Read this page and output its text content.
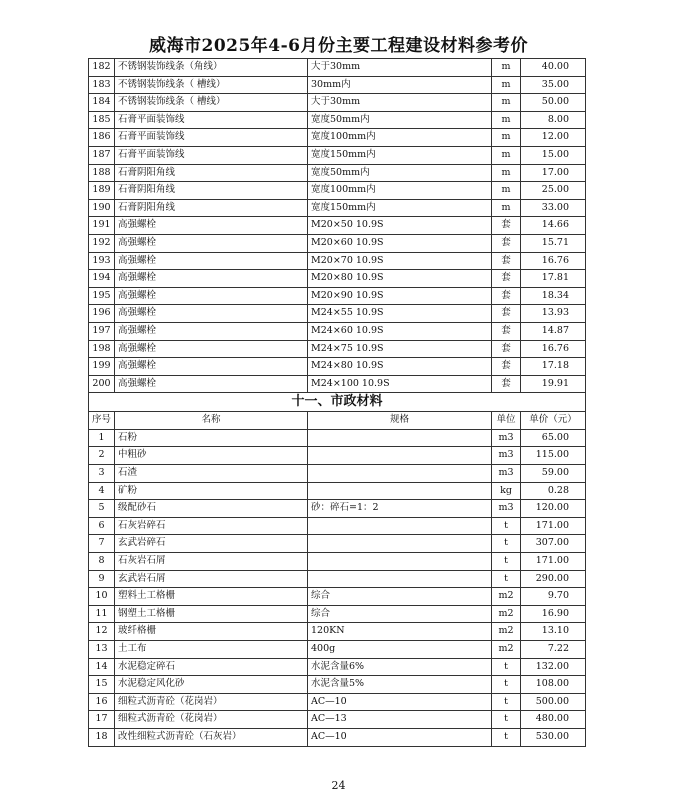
威海市2025年4-6月份主要工程建设材料参考价
182	不锈钢装饰线条（角线）	大于30mm	m	40.00
183	不锈钢装饰线条（ 槽线）	30mm内	m	35.00
184	不锈钢装饰线条（ 槽线）	大于30mm	m	50.00
185	石膏平面装饰线	宽度50mm内	m	8.00
186	石膏平面装饰线	宽度100mm内	m	12.00
187	石膏平面装饰线	宽度150mm内	m	15.00
188	石膏阴阳角线	宽度50mm内	m	17.00
189	石膏阴阳角线	宽度100mm内	m	25.00
190	石膏阴阳角线	宽度150mm内	m	33.00
191	高强螺栓	M20×50 10.9S	套	14.66
192	高强螺栓	M20×60 10.9S	套	15.71
193	高强螺栓	M20×70 10.9S	套	16.76
194	高强螺栓	M20×80 10.9S	套	17.81
195	高强螺栓	M20×90 10.9S	套	18.34
196	高强螺栓	M24×55 10.9S	套	13.93
197	高强螺栓	M24×60 10.9S	套	14.87
198	高强螺栓	M24×75 10.9S	套	16.76
199	高强螺栓	M24×80 10.9S	套	17.18
200	高强螺栓	M24×100 10.9S	套	19.91
十一、市政材料				
序号	名称	规格	单位	单价（元）
1	石粉		m3	65.00
2	中粗砂		m3	115.00
3	石渣		m3	59.00
4	矿粉		kg	0.28
5	级配砂石	砂：碎石=1：2	m3	120.00
6	石灰岩碎石		t	171.00
7	玄武岩碎石		t	307.00
8	石灰岩石屑		t	171.00
9	玄武岩石屑		t	290.00
10	塑料土工格栅	综合	m2	9.70
11	钢塑土工格栅	综合	m2	16.90
12	玻纤格栅	120KN	m2	13.10
13	土工布	400g	m2	7.22
14	水泥稳定碎石	水泥含量6%	t	132.00
15	水泥稳定风化砂	水泥含量5%	t	108.00
16	细粒式沥青砼（花岗岩）	AC—10	t	500.00
17	细粒式沥青砼（花岗岩）	AC—13	t	480.00
18	改性细粒式沥青砼（石灰岩）	AC—10	t	530.00
24
